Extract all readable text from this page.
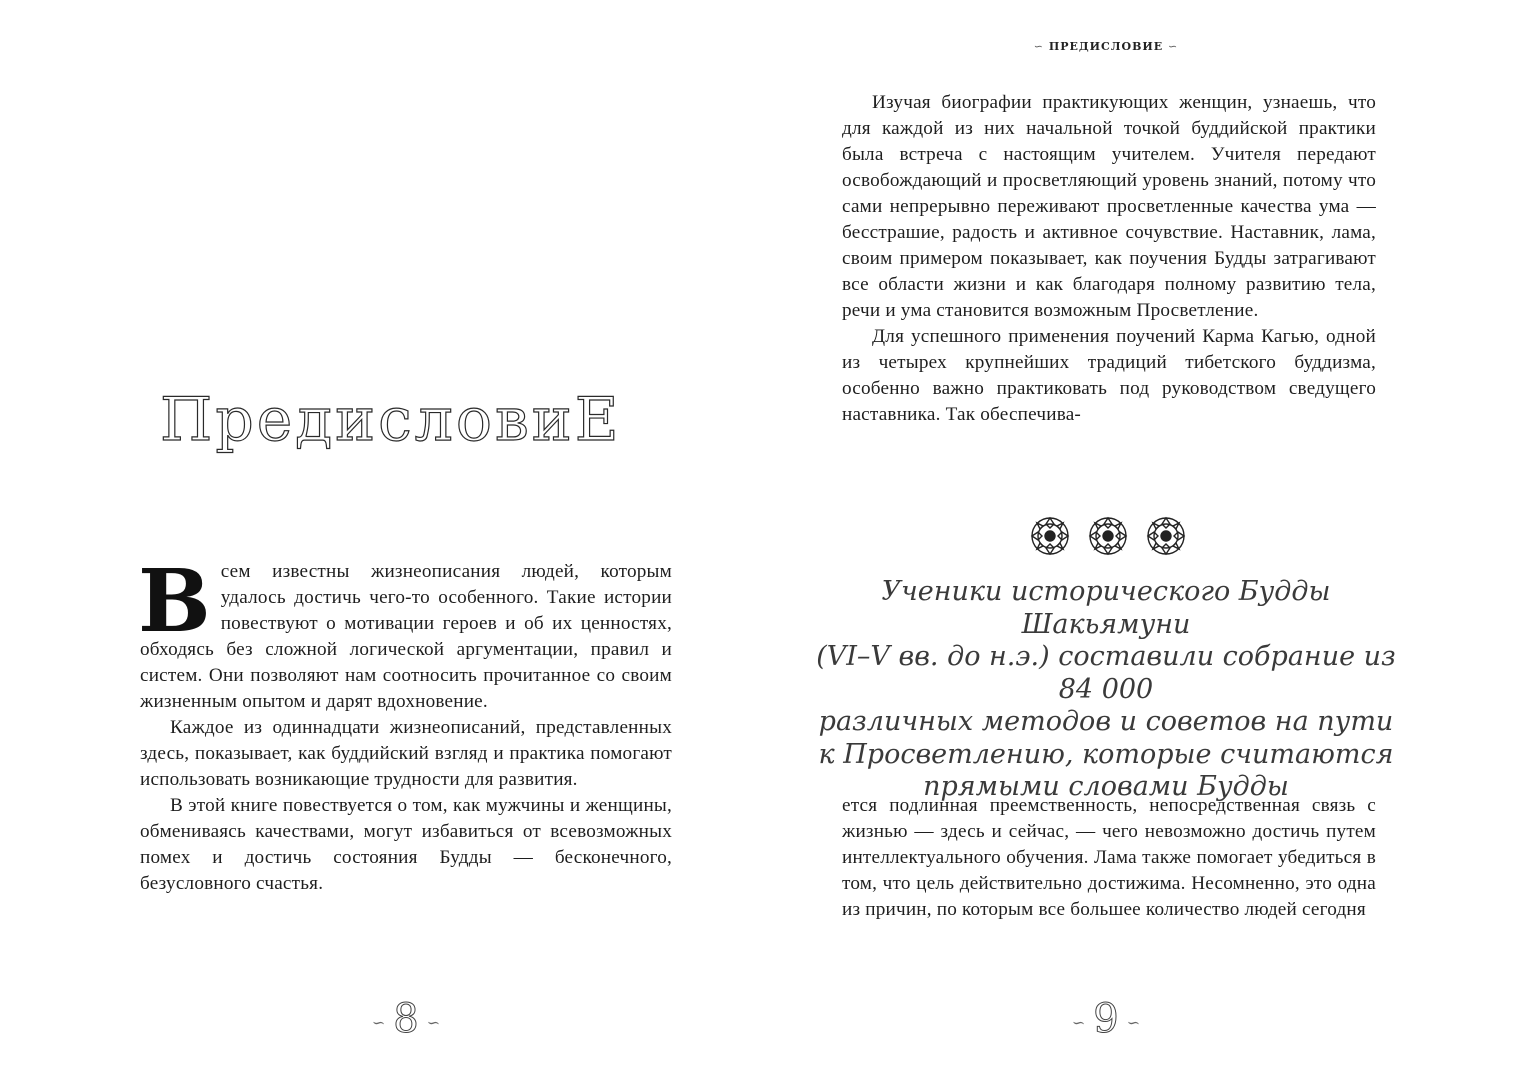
ПредисловиЕ

Всем известны жизнеописания людей, которым удалось достичь чего-то особенного. Такие истории повествуют о мотивации героев и об их ценностях, обходясь без сложной логической аргументации, правил и систем. Они позволяют нам соотносить прочитанное со своим жизненным опытом и дарят вдохновение.

Каждое из одиннадцати жизнеописаний, представленных здесь, показывает, как буддийский взгляд и практика помогают использовать возникающие трудности для развития.

В этой книге повествуется о том, как мужчины и женщины, обмениваясь качествами, могут избавиться от всевозможных помех и достичь состояния Будды — бесконечного, безусловного счастья.

∽ 8 ∽
∽ ПРЕДИСЛОВИЕ ∽

Изучая биографии практикующих женщин, узнаешь, что для каждой из них начальной точкой буддийской практики была встреча с настоящим учителем. Учителя передают освобождающий и просветляющий уровень знаний, потому что сами непрерывно переживают просветленные качества ума — бесстрашие, радость и активное сочувствие. Наставник, лама, своим примером показывает, как поучения Будды затрагивают все области жизни и как благодаря полному развитию тела, речи и ума становится возможным Просветление.

Для успешного применения поучений Карма Кагью, одной из четырех крупнейших традиций тибетского буддизма, особенно важно практиковать под руководством сведущего наставника. Так обеспечива-

Ученики исторического Будды Шакьямуни
(VI–V вв. до н.э.) составили собрание из 84 000
различных методов и советов на пути
к Просветлению, которые считаются
прямыми словами Будды

ется подлинная преемственность, непосредственная связь с жизнью — здесь и сейчас, — чего невозможно достичь путем интеллектуального обучения. Лама также помогает убедиться в том, что цель действительно достижима. Несомненно, это одна из причин, по которым все большее количество людей сегодня

∽ 9 ∽
